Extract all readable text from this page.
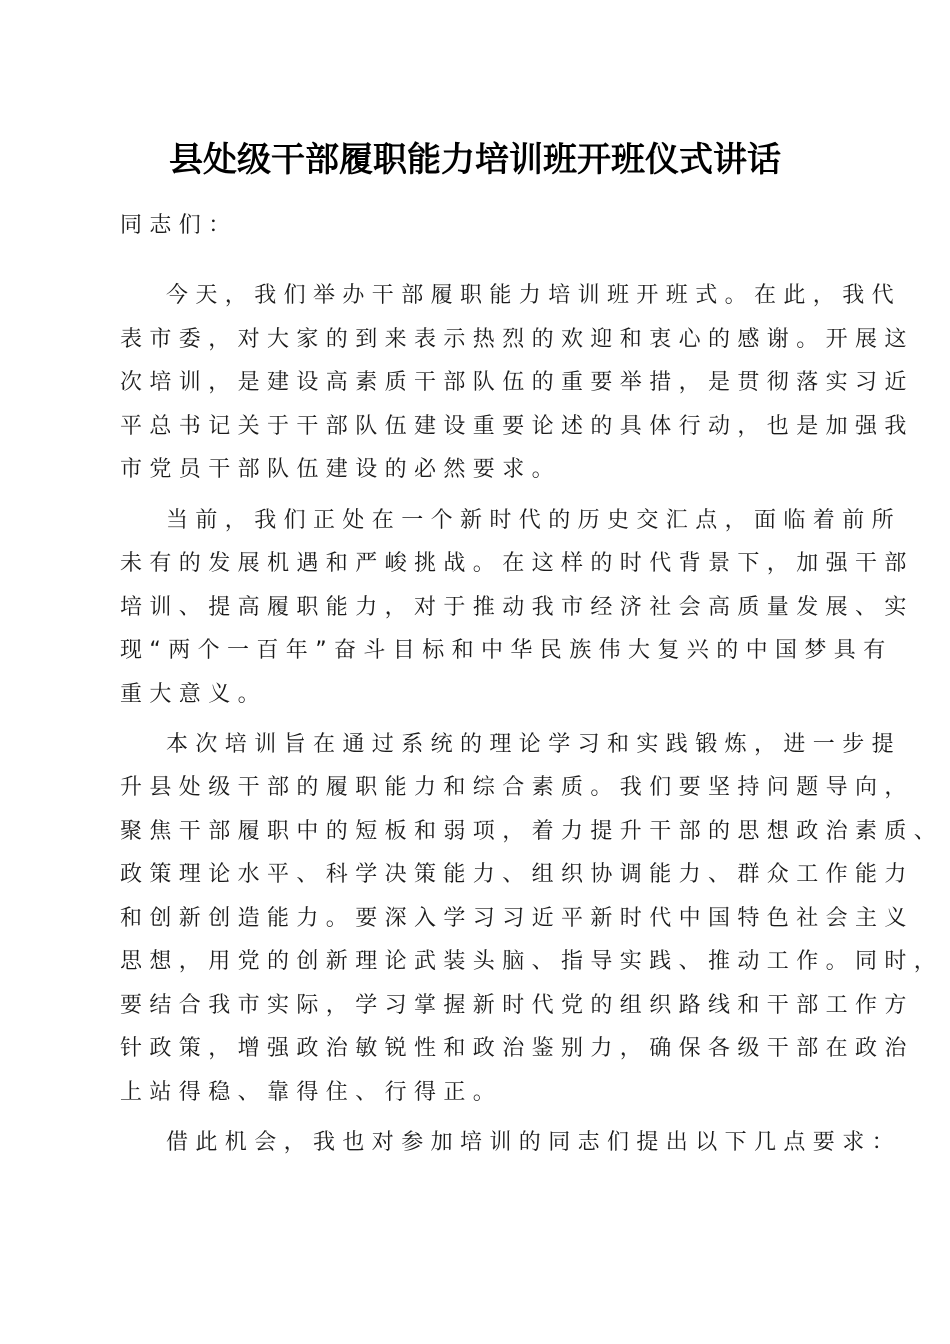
县处级干部履职能力培训班开班仪式讲话
同志们：
今天，我们举办干部履职能力培训班开班式。在此，我代
表市委，对大家的到来表示热烈的欢迎和衷心的感谢。开展这
次培训，是建设高素质干部队伍的重要举措，是贯彻落实习近
平总书记关于干部队伍建设重要论述的具体行动，也是加强我
市党员干部队伍建设的必然要求。
当前，我们正处在一个新时代的历史交汇点，面临着前所
未有的发展机遇和严峻挑战。在这样的时代背景下，加强干部
培训、提高履职能力，对于推动我市经济社会高质量发展、实
现“两个一百年”奋斗目标和中华民族伟大复兴的中国梦具有
重大意义。
本次培训旨在通过系统的理论学习和实践锻炼，进一步提
升县处级干部的履职能力和综合素质。我们要坚持问题导向，
聚焦干部履职中的短板和弱项，着力提升干部的思想政治素质、
政策理论水平、科学决策能力、组织协调能力、群众工作能力
和创新创造能力。要深入学习习近平新时代中国特色社会主义
思想，用党的创新理论武装头脑、指导实践、推动工作。同时，
要结合我市实际，学习掌握新时代党的组织路线和干部工作方
针政策，增强政治敏锐性和政治鉴别力，确保各级干部在政治
上站得稳、靠得住、行得正。
借此机会，我也对参加培训的同志们提出以下几点要求：
